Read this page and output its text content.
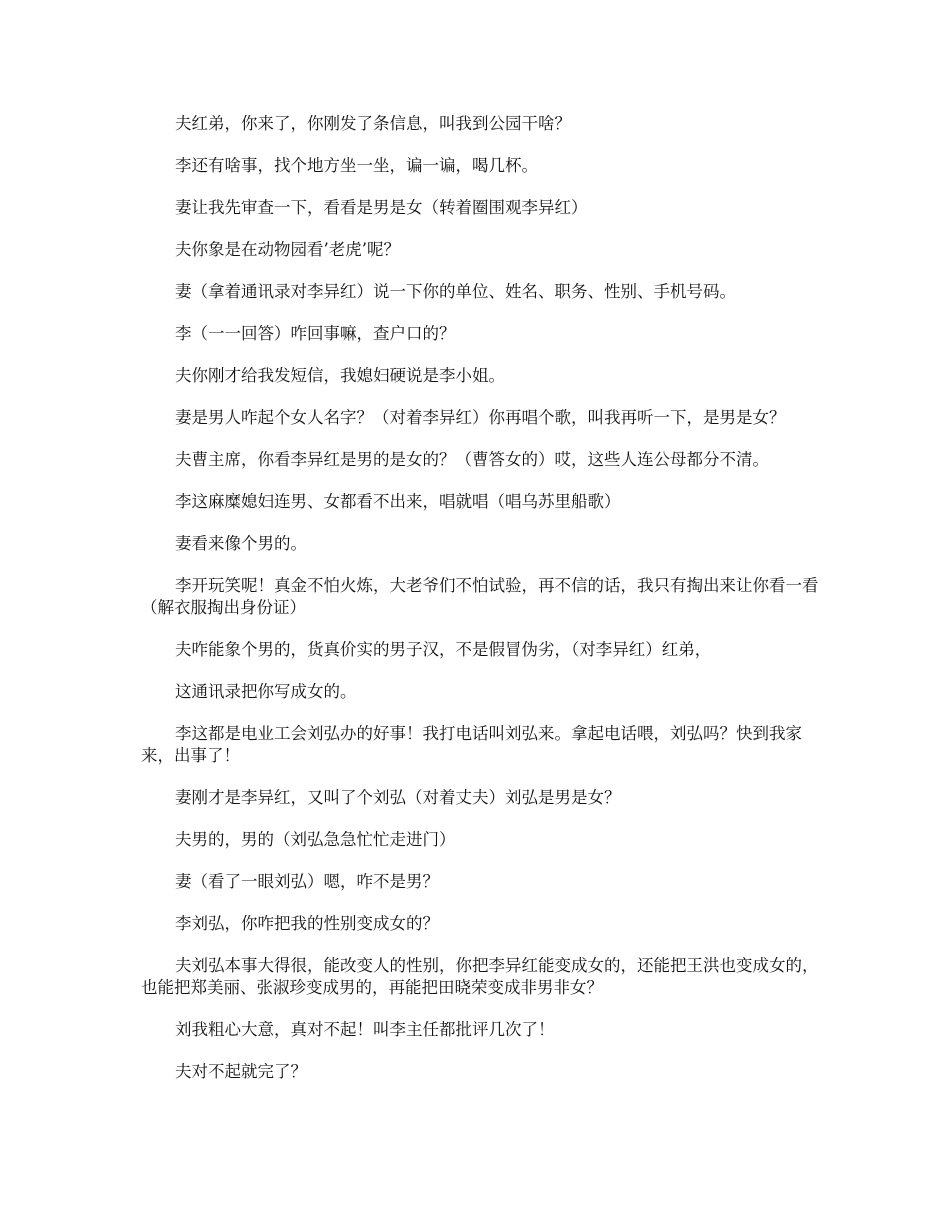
夫红弟，你来了，你刚发了条信息，叫我到公园干啥？

李还有啥事，找个地方坐一坐，谝一谝，喝几杯。

妻让我先审查一下，看看是男是女（转着圈围观李异红）

夫你象是在动物园看’老虎’呢？

妻（拿着通讯录对李异红）说一下你的单位、姓名、职务、性别、手机号码。

李（一一回答）咋回事嘛，查户口的？

夫你刚才给我发短信，我媳妇硬说是李小姐。

妻是男人咋起个女人名字？（对着李异红）你再唱个歌，叫我再听一下，是男是女？

夫曹主席，你看李异红是男的是女的？（曹答女的）哎，这些人连公母都分不清。

李这麻糜媳妇连男、女都看不出来，唱就唱（唱乌苏里船歌）

妻看来像个男的。

李开玩笑呢！真金不怕火炼，大老爷们不怕试验，再不信的话，我只有掏出来让你看一看（解衣服掏出身份证）

夫咋能象个男的，货真价实的男子汉，不是假冒伪劣，（对李异红）红弟，

这通讯录把你写成女的。

李这都是电业工会刘弘办的好事！我打电话叫刘弘来。拿起电话喂，刘弘吗？快到我家来，出事了！

妻刚才是李异红，又叫了个刘弘（对着丈夫）刘弘是男是女？

夫男的，男的（刘弘急急忙忙走进门）

妻（看了一眼刘弘）嗯，咋不是男？

李刘弘，你咋把我的性别变成女的？

夫刘弘本事大得很，能改变人的性别，你把李异红能变成女的，还能把王洪也变成女的，也能把郑美丽、张淑珍变成男的，再能把田晓荣变成非男非女？

刘我粗心大意，真对不起！叫李主任都批评几次了！

夫对不起就完了？
